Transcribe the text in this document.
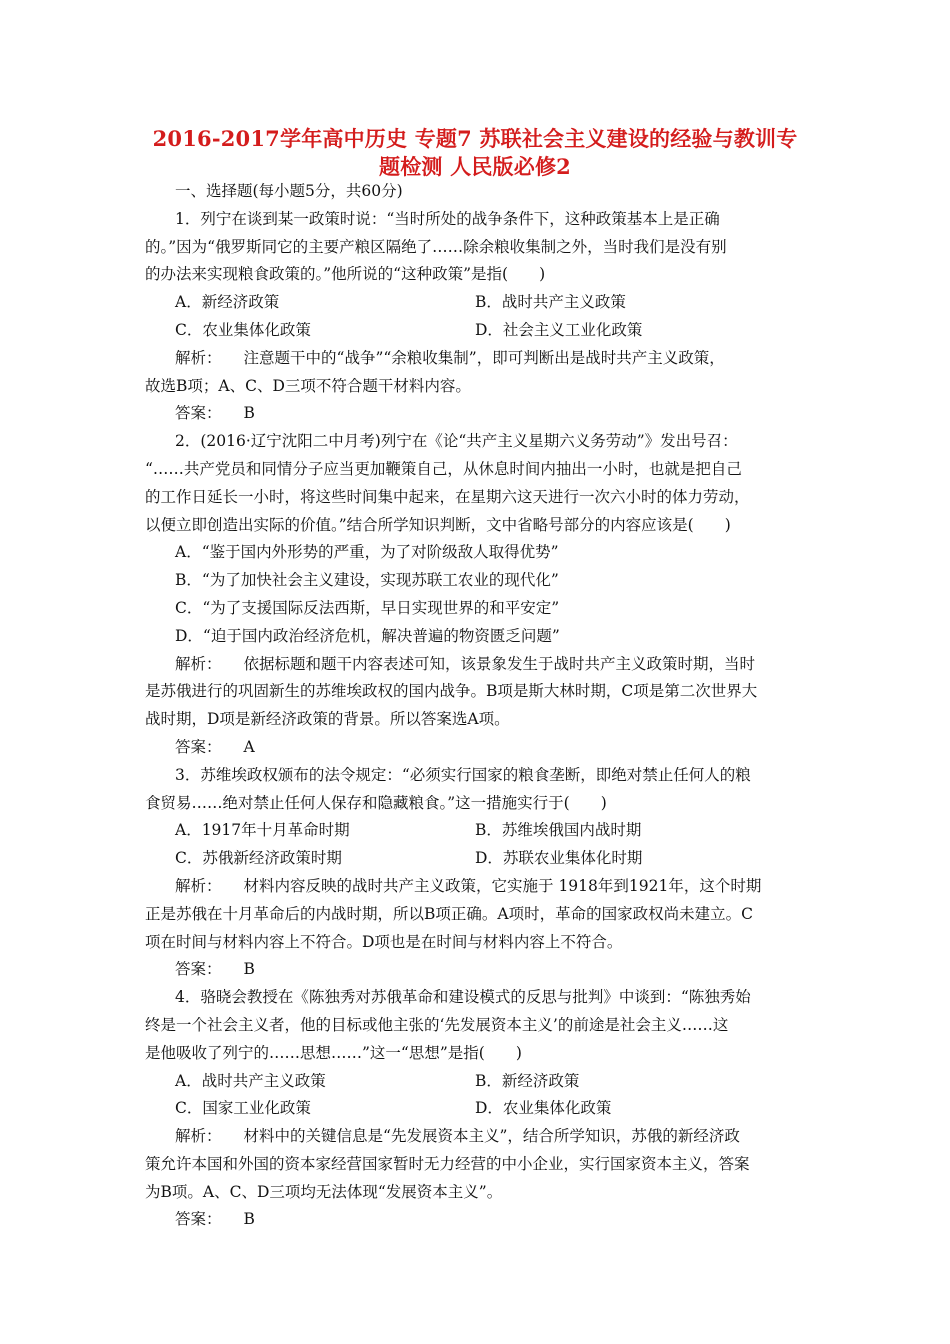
2016-2017学年高中历史 专题7 苏联社会主义建设的经验与教训专
题检测 人民版必修2
一、选择题(每小题5分，共60分)
1．列宁在谈到某一政策时说：“当时所处的战争条件下，这种政策基本上是正确
的。”因为“俄罗斯同它的主要产粮区隔绝了……除余粮收集制之外，当时我们是没有别
的办法来实现粮食政策的。”他所说的“这种政策”是指(　　)
A．新经济政策	B．战时共产主义政策
C．农业集体化政策	D．社会主义工业化政策
解析： 注意题干中的“战争”“余粮收集制”，即可判断出是战时共产主义政策，
故选B项；A、C、D三项不符合题干材料内容。
答案： B
2．(2016·辽宁沈阳二中月考)列宁在《论“共产主义星期六义务劳动”》发出号召：
“……共产党员和同情分子应当更加鞭策自己，从休息时间内抽出一小时，也就是把自己
的工作日延长一小时，将这些时间集中起来，在星期六这天进行一次六小时的体力劳动，
以便立即创造出实际的价值。”结合所学知识判断，文中省略号部分的内容应该是(　　)
A．“鉴于国内外形势的严重，为了对阶级敌人取得优势”
B．“为了加快社会主义建设，实现苏联工农业的现代化”
C．“为了支援国际反法西斯，早日实现世界的和平安定”
D．“迫于国内政治经济危机，解决普遍的物资匮乏问题”
解析： 依据标题和题干内容表述可知，该景象发生于战时共产主义政策时期，当时
是苏俄进行的巩固新生的苏维埃政权的国内战争。B项是斯大林时期，C项是第二次世界大
战时期，D项是新经济政策的背景。所以答案选A项。
答案： A
3．苏维埃政权颁布的法令规定：“必须实行国家的粮食垄断，即绝对禁止任何人的粮
食贸易……绝对禁止任何人保存和隐藏粮食。”这一措施实行于(　　)
A．1917年十月革命时期	B．苏维埃俄国内战时期
C．苏俄新经济政策时期	D．苏联农业集体化时期
解析： 材料内容反映的战时共产主义政策，它实施于 1918年到1921年，这个时期
正是苏俄在十月革命后的内战时期，所以B项正确。A项时，革命的国家政权尚未建立。C
项在时间与材料内容上不符合。D项也是在时间与材料内容上不符合。
答案： B
4．骆晓会教授在《陈独秀对苏俄革命和建设模式的反思与批判》中谈到：“陈独秀始
终是一个社会主义者，他的目标或他主张的‘先发展资本主义’的前途是社会主义……这
是他吸收了列宁的……思想……”这一“思想”是指(　　)
A．战时共产主义政策	B．新经济政策
C．国家工业化政策	D．农业集体化政策
解析： 材料中的关键信息是“先发展资本主义”，结合所学知识，苏俄的新经济政
策允许本国和外国的资本家经营国家暂时无力经营的中小企业，实行国家资本主义，答案
为B项。A、C、D三项均无法体现“发展资本主义”。
答案： B
